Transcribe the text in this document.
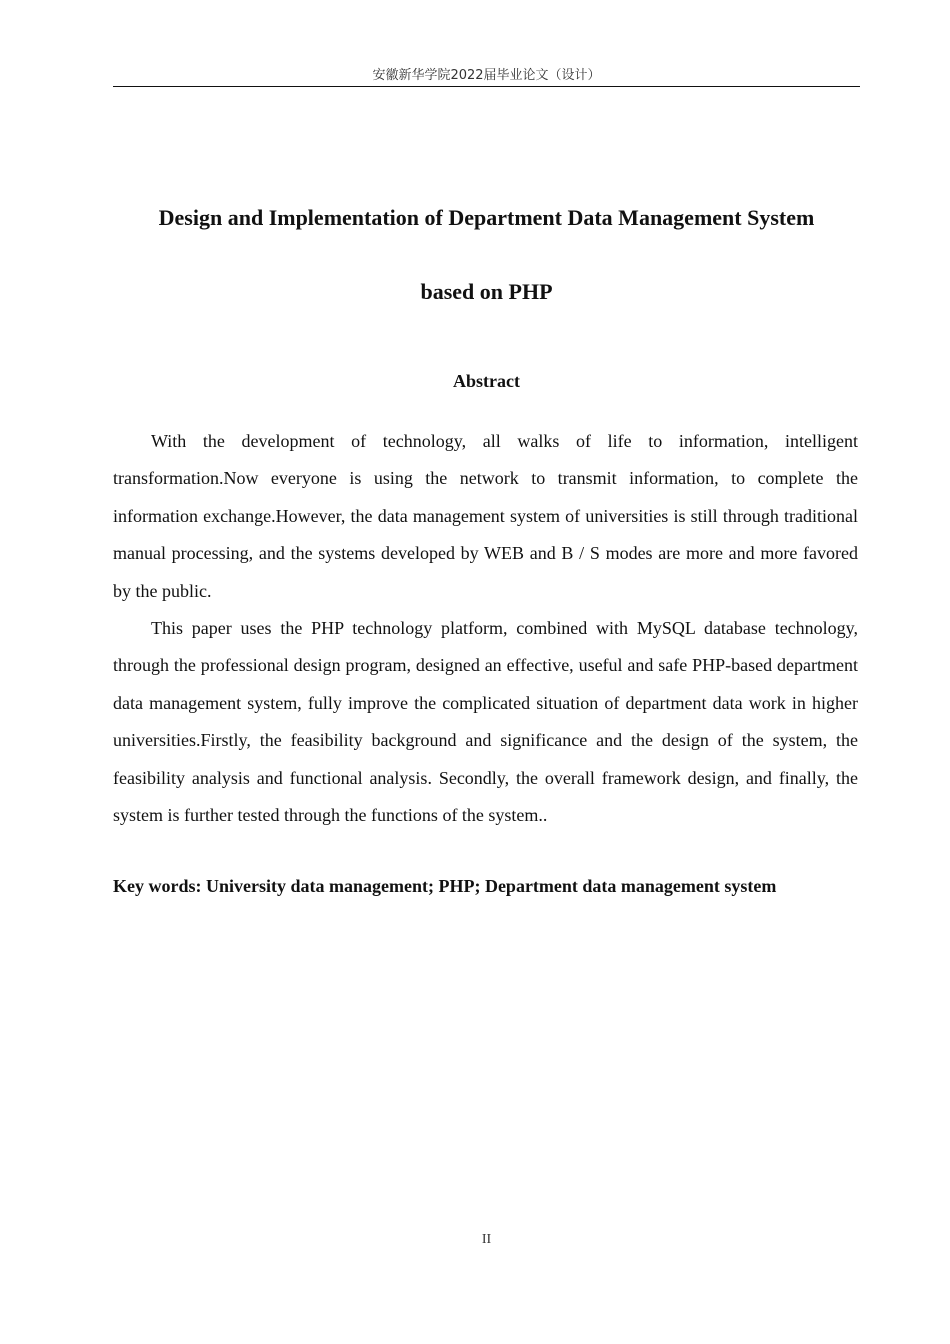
安徽新华学院2022届毕业论文（设计）
Design and Implementation of Department Data Management System
based on PHP
Abstract

With the development of technology, all walks of life to information, intelligent transformation.Now everyone is using the network to transmit information, to complete the information exchange.However, the data management system of universities is still through traditional manual processing, and the systems developed by WEB and B / S modes are more and more favored by the public.

This paper uses the PHP technology platform, combined with MySQL database technology, through the professional design program, designed an effective, useful and safe PHP-based department data management system, fully improve the complicated situation of department data work in higher universities.Firstly, the feasibility background and significance and the design of the system, the feasibility analysis and functional analysis. Secondly, the overall framework design, and finally, the system is further tested through the functions of the system..

Key words: University data management; PHP; Department data management system
II
